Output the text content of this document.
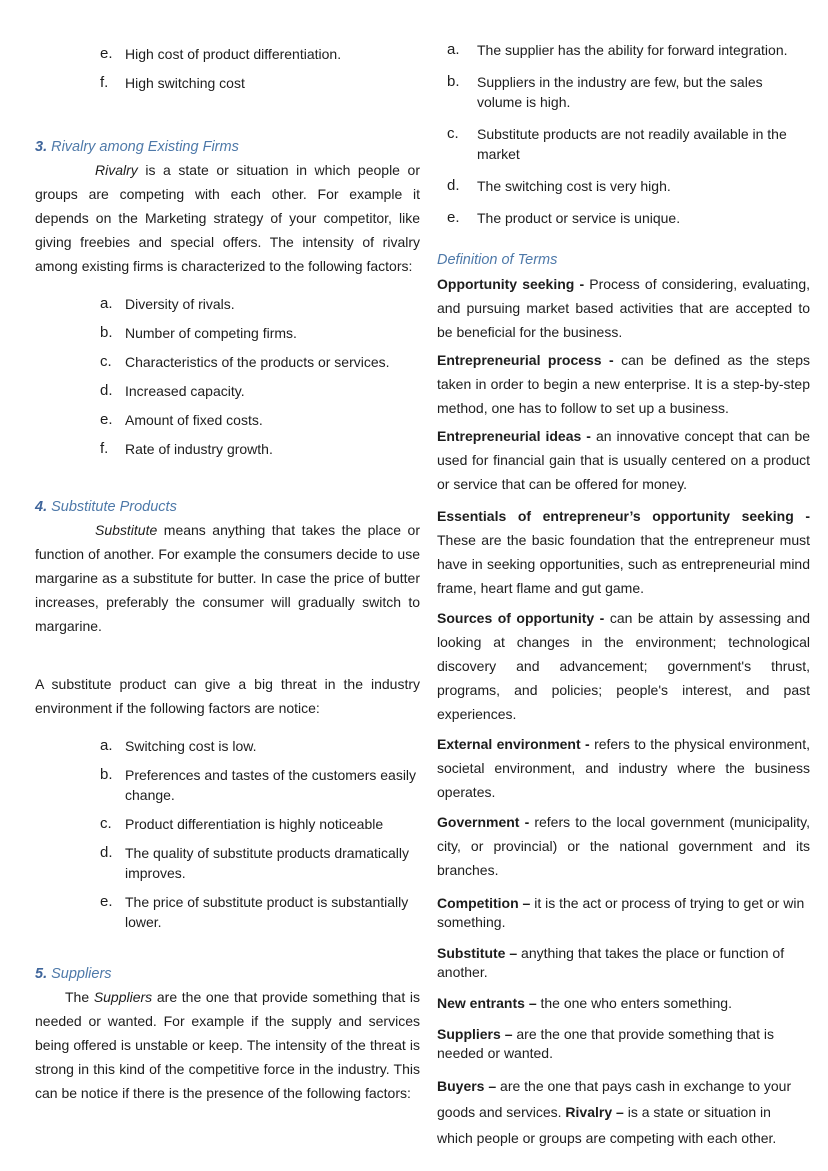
e. High cost of product differentiation.
f.	High switching cost
3. Rivalry among Existing Firms

Rivalry is a state or situation in which people or groups are competing with each other. For example it depends on the Marketing strategy of your competitor, like giving freebies and special offers. The intensity of rivalry among existing firms is characterized to the following factors:

a. Diversity of rivals.
b. Number of competing firms.
c. Characteristics of the products or services.
d. Increased capacity.
e. Amount of fixed costs.
f.	Rate of industry growth.
4. Substitute Products

Substitute means anything that takes the place or function of another. For example the consumers decide to use margarine as a substitute for butter. In case the price of butter increases, preferably the consumer will gradually switch to margarine.

A substitute product can give a big threat in the industry environment if the following factors are notice:

a. Switching cost is low.
b. Preferences and tastes of the customers easily change.
c. Product differentiation is highly noticeable
d. The quality of substitute products dramatically improves.
e. The price of substitute product is substantially lower.
5. Suppliers

The Suppliers are the one that provide something that is needed or wanted. For example if the supply and services being offered is unstable or keep. The intensity of the threat is strong in this kind of the competitive force in the industry. This can be notice if there is the presence of the following factors:

a.	The supplier has the ability for forward integration.
b.	Suppliers in the industry are few, but the sales volume is high.
c.	Substitute products are not readily available in the market
d.	The switching cost is very high.
e.	The product or service is unique.
Definition of Terms

Opportunity seeking - Process of considering, evaluating, and pursuing market based activities that are accepted to be beneficial for the business.

Entrepreneurial process - can be defined as the steps taken in order to begin a new enterprise. It is a step-by-step method, one has to follow to set up a business.

Entrepreneurial ideas - an innovative concept that can be used for financial gain that is usually centered on a product or service that can be offered for money.

Essentials of entrepreneur’s opportunity seeking - These are the basic foundation that the entrepreneur must have in seeking opportunities, such as entrepreneurial mind frame, heart flame and gut game.

Sources of opportunity - can be attain by assessing and looking at changes in the environment; technological discovery and advancement; government's thrust, programs, and policies; people's interest, and past experiences.

External environment - refers to the physical environment, societal environment, and industry where the business operates.

Government - refers to the local government (municipality, city, or provincial) or the national government and its branches.

Competition – it is the act or process of trying to get or win something.

Substitute – anything that takes the place or function of another.

New entrants – the one who enters something.

Suppliers – are the one that provide something that is needed or wanted.

Buyers – are the one that pays cash in exchange to your goods and services. Rivalry – is a state or situation in which people or groups are competing with each other.
